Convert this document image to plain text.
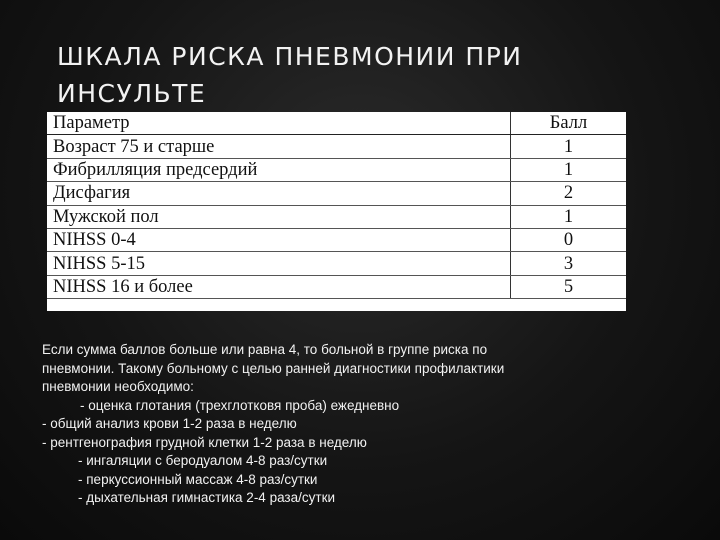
ШКАЛА РИСКА ПНЕВМОНИИ ПРИ ИНСУЛЬТЕ
Параметр	Балл
Возраст 75 и старше	1
Фибрилляция предсердий	1
Дисфагия	2
Мужской пол	1
NIHSS 0-4	0
NIHSS 5-15	3
NIHSS 16 и более	5
Если сумма баллов больше или равна 4, то больной в группе риска по
пневмонии. Такому больному с целью ранней диагностики профилактики
пневмонии необходимо:
- оценка глотания (трехглотковя проба) ежедневно
- общий анализ крови 1-2 раза в неделю
- рентгенография грудной клетки 1-2 раза в неделю
- ингаляции с беродуалом 4-8 раз/сутки
- перкуссионный массаж 4-8 раз/сутки
- дыхательная гимнастика 2-4 раза/сутки
